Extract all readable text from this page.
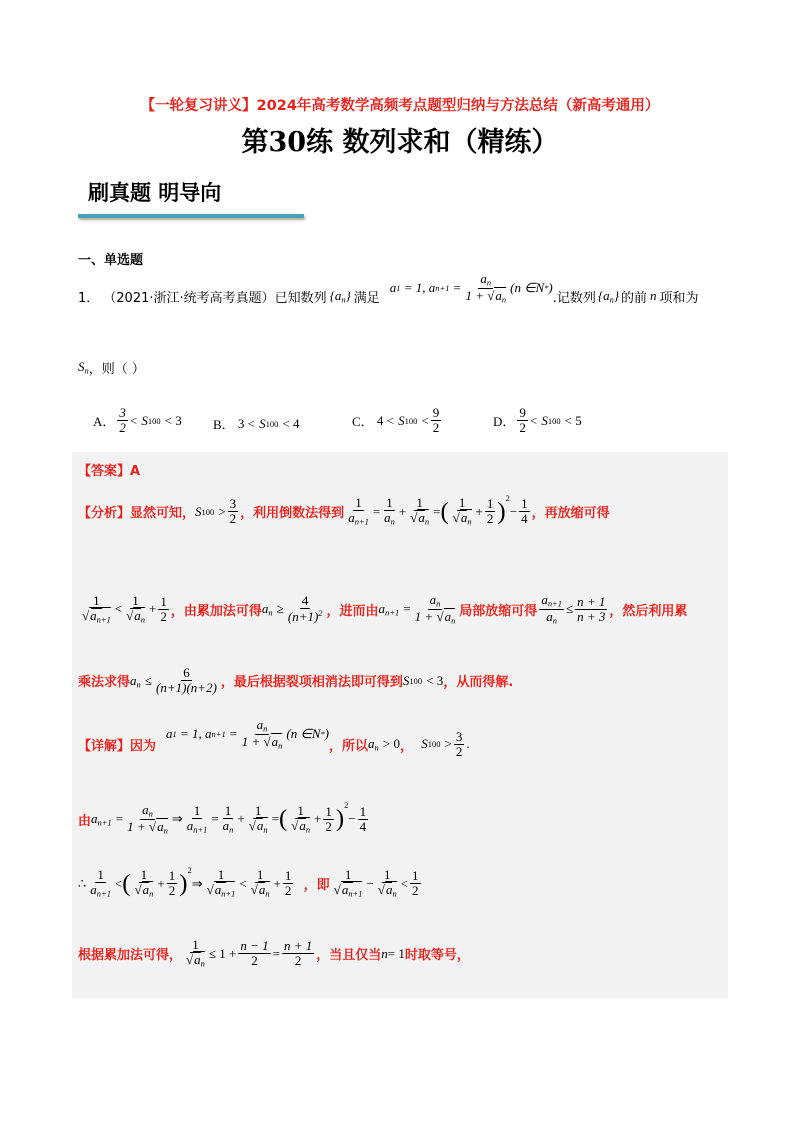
【一轮复习讲义】2024年高考数学高频考点题型归纳与方法总结（新高考通用）
第30练 数列求和（精练）
刷真题 明导向
一、单选题
1． （2021·浙江·统考高考真题）已知数列 $\{a_n\}$ 满足
a 1
= 1, a n+1
= $\frac{a_n}{1 + √a_n}$ ( n ∈ N * )
.记数列 $\{a_n\}$ 的前 n 项和为
$S_n$ ，则（ ）
A． $\frac{3}{2}$ <
S 100
< 3 B． 3 <
S 100
< 4	C． 4 <
S 100
< $\frac{9}{2}$	D． $\frac{9}{2}$ <
S 100
< 5
【答案】A
【分析】 显然可知， S 100
> $\frac{3}{2}$ ，利用倒数法得到 $\frac{1}{a_{n+1}} = \frac{1}{a_n} + \frac{1}{√a_n}$ = ( $\frac{1}{√a_n} + \frac{1}{2}$ ) 2
− $\frac{1}{4}$ ，再放缩可得
$\frac{1}{√a_{n+1}} < \frac{1}{√a_n} + \frac{1}{2}$ ，由累加法可得 $a_n$
≥ $\frac{4}{(n+1)^2}$ ，进而由 $a_{n+1}$
= $\frac{a_n}{1 + √a_n}$ 局部放缩可得 $\frac{a_{n+1}}{a_n} \le \frac{n + 1}{n + 3}$ ，然后利用累
乘法求得 $a_n$
≤ $\frac{6}{(n+1)(n+2)}$ ，最后根据裂项相消法即可得到 S 100
< 3 ，从而得解.
【详解】 因为
a 1
= 1, a n+1
= $\frac{a_n}{1 + √a_n}$ ( n ∈ N * )
，所以 $a_n$
> 0 ，
S 100
> $\frac{3}{2}$ .
由 $a_{n+1}$
= $\frac{a_n}{1 + √a_n}$ ⇒ $\frac{1}{a_{n+1}} = \frac{1}{a_n} + \frac{1}{√a_n}$ = ( $\frac{1}{√a_n} + \frac{1}{2}$ ) 2
− $\frac{1}{4}$
∴ $\frac{1}{a_{n+1}}$ < ( $\frac{1}{√a_n} + \frac{1}{2}$ ) 2
⇒ $\frac{1}{√a_{n+1}} < \frac{1}{√a_n} + \frac{1}{2}$
，即 $\frac{1}{√a_{n+1}} - \frac{1}{√a_n} < \frac{1}{2}$
根据累加法可得， $\frac{1}{√a_n} \le 1 + \frac{n - 1}{2} = \frac{n + 1}{2}$ ，当且仅当 n = 1 时取等号，
